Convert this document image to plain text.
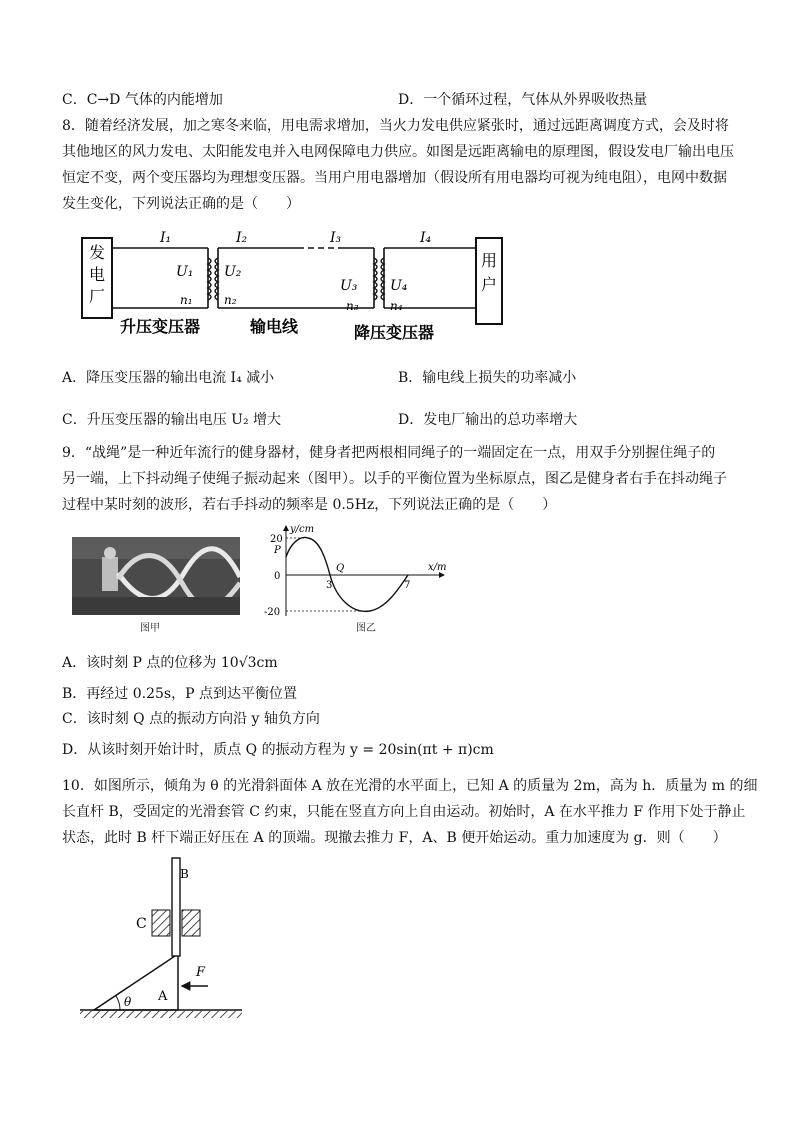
C．C→D 气体的内能增加	D．一个循环过程，气体从外界吸收热量
8．随着经济发展，加之寒冬来临，用电需求增加，当火力发电供应紧张时，通过远距离调度方式，会及时将
其他地区的风力发电、太阳能发电并入电网保障电力供应。如图是远距离输电的原理图，假设发电厂输出电压
恒定不变，两个变压器均为理想变压器。当用户用电器增加（假设所有用电器均可视为纯电阻），电网中数据
发生变化，下列说法正确的是（　　）
发
电
厂
用
户
I₁	I₂	I₃	I₄
U₁ U₂
U₃ U₄
n₁	n₂	n₃	n₄
升压变压器	输电线	降压变压器
A．降压变压器的输出电流 I₄ 减小	B．输电线上损失的功率减小
C．升压变压器的输出电压 U₂ 增大	D．发电厂输出的总功率增大
9．“战绳”是一种近年流行的健身器材，健身者把两根相同绳子的一端固定在一点，用双手分别握住绳子的
另一端，上下抖动绳子使绳子振动起来（图甲）。以手的平衡位置为坐标原点，图乙是健身者右手在抖动绳子
过程中某时刻的波形，若右手抖动的频率是 0.5Hz，下列说法正确的是（　　）
图甲
y/cm
x/m
20
0
-20
P
Q
3	7
图乙
A．该时刻 P 点的位移为 10√3cm
B．再经过 0.25s，P 点到达平衡位置
C．该时刻 Q 点的振动方向沿 y 轴负方向
D．从该时刻开始计时，质点 Q 的振动方程为 y = 20sin(πt + π)cm
10．如图所示，倾角为 θ 的光滑斜面体 A 放在光滑的水平面上，已知 A 的质量为 2m，高为 h．质量为 m 的细
长直杆 B，受固定的光滑套管 C 约束，只能在竖直方向上自由运动。初始时，A 在水平推力 F 作用下处于静止
状态，此时 B 杆下端正好压在 A 的顶端。现撤去推力 F，A、B 便开始运动。重力加速度为 g．则（　　）
B
C
A
F
θ
